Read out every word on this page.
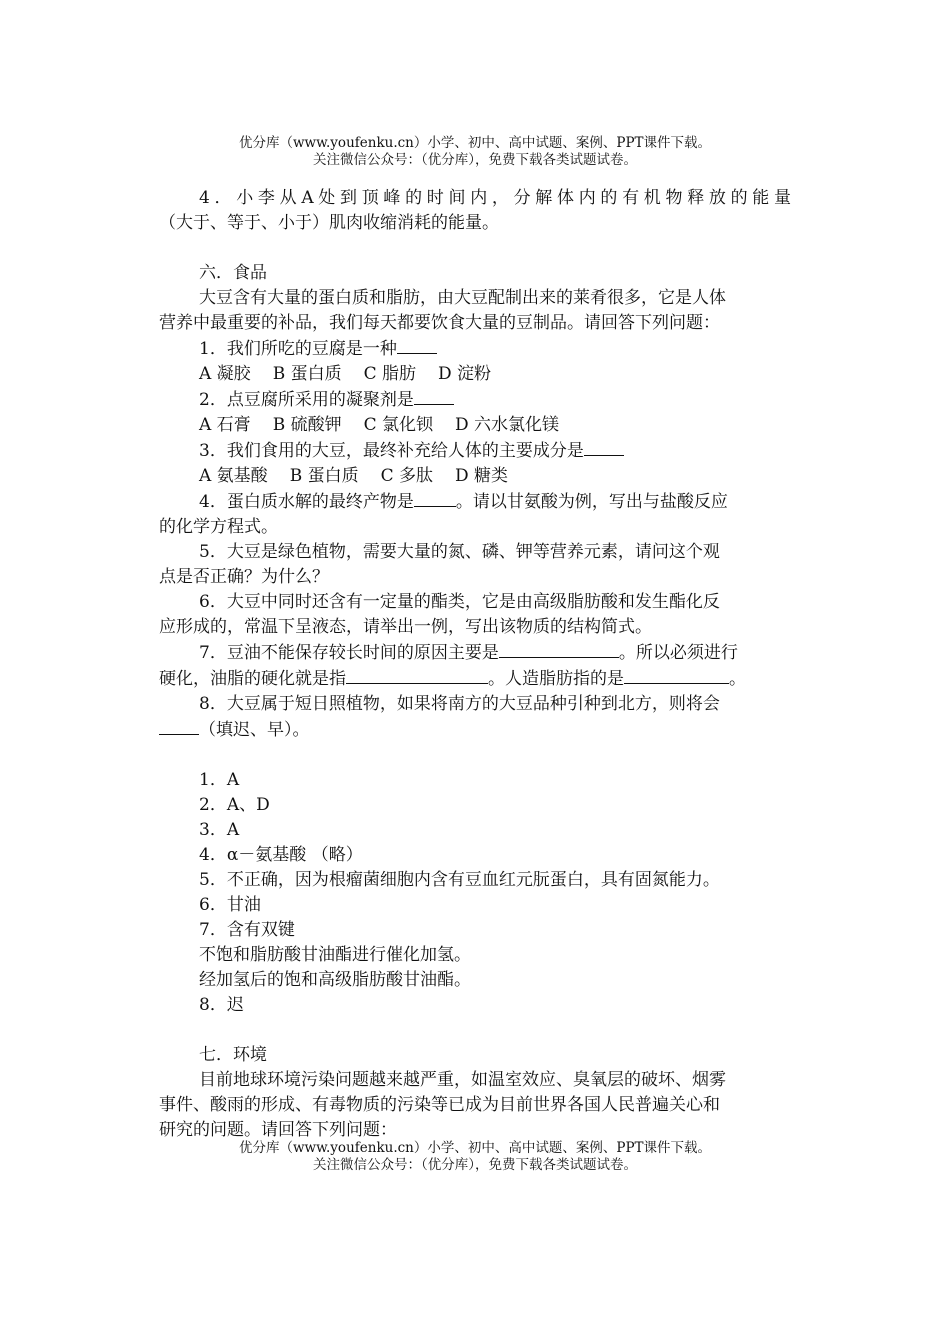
优分库（www.youfenku.cn）小学、初中、高中试题、案例、PPT课件下载。
关注微信公众号：（优分库），免费下载各类试题试卷。

4．小李从A处到顶峰的时间内，分解体内的有机物释放的能量

（大于、等于、小于）肌肉收缩消耗的能量。

六．食品

大豆含有大量的蛋白质和脂肪，由大豆配制出来的莱肴很多，它是人体

营养中最重要的补品，我们每天都要饮食大量的豆制品。请回答下列问题：

1．我们所吃的豆腐是一种

A 凝胶 B 蛋白质 C 脂肪 D 淀粉

2．点豆腐所采用的凝聚剂是

A 石膏 B 硫酸钾 C 氯化钡 D 六水氯化镁

3．我们食用的大豆，最终补充给人体的主要成分是

A 氨基酸 B 蛋白质 C 多肽 D 糖类

4．蛋白质水解的最终产物是 。请以甘氨酸为例，写出与盐酸反应

的化学方程式。

5．大豆是绿色植物，需要大量的氮、磷、钾等营养元素，请问这个观

点是否正确？为什么？

6．大豆中同时还含有一定量的酯类，它是由高级脂肪酸和发生酯化反

应形成的，常温下呈液态，请举出一例，写出该物质的结构简式。

7．豆油不能保存较长时间的原因主要是	。所以必须进行

硬化，油脂的硬化就是指	。人造脂肪指的是	。

8．大豆属于短日照植物，如果将南方的大豆品种引种到北方，则将会

（填迟、早）。

1．A

2．A、D

3．A

4．α－氨基酸 （略）

5．不正确，因为根瘤菌细胞内含有豆血红元朊蛋白，具有固氮能力。

6．甘油

7．含有双键

不饱和脂肪酸甘油酯进行催化加氢。

经加氢后的饱和高级脂肪酸甘油酯。

8．迟

七．环境

目前地球环境污染问题越来越严重，如温室效应、臭氧层的破坏、烟雾

事件、酸雨的形成、有毒物质的污染等已成为目前世界各国人民普遍关心和

研究的问题。请回答下列问题：

优分库（www.youfenku.cn）小学、初中、高中试题、案例、PPT课件下载。
关注微信公众号：（优分库），免费下载各类试题试卷。
